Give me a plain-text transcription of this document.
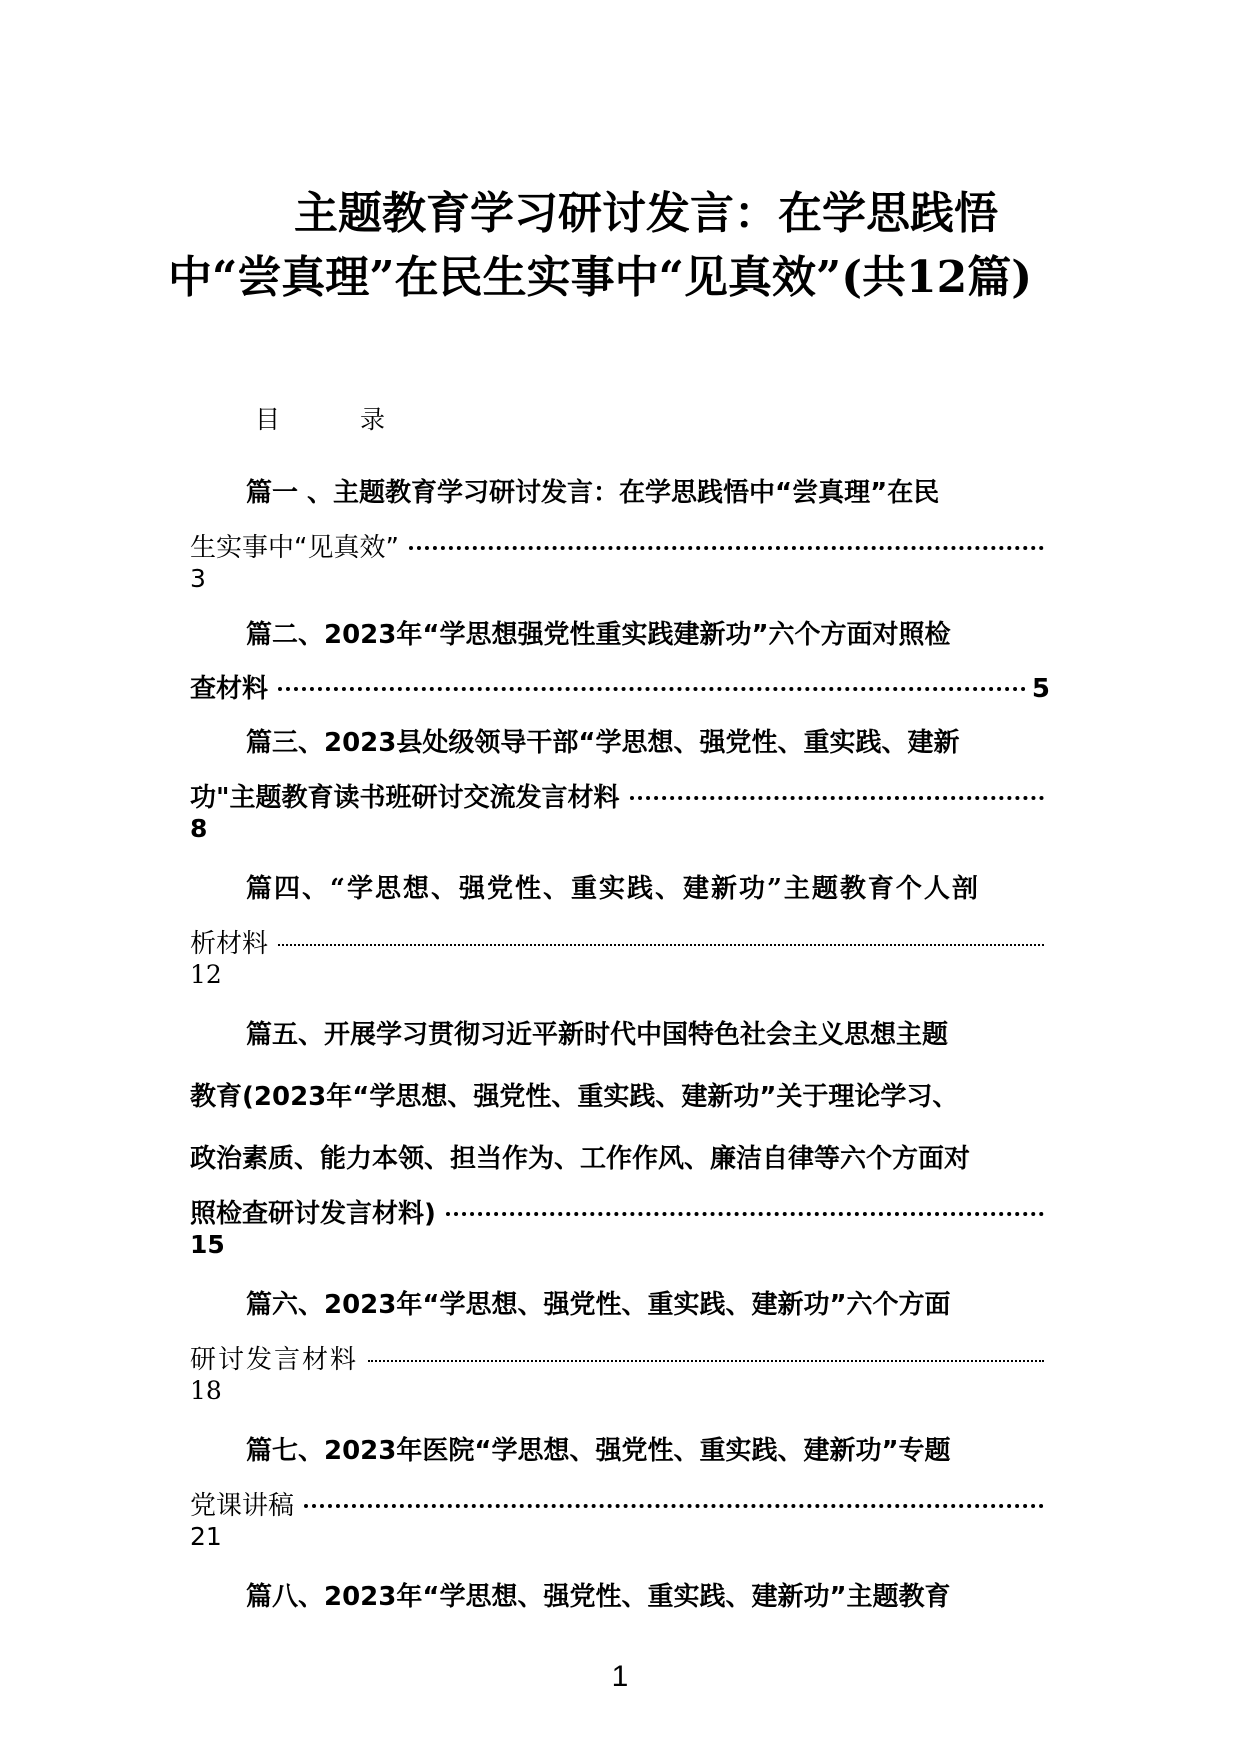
主题教育学习研讨发言：在学思践悟中“尝真理”在民生实事中“见真效”(共12篇)
目 录
篇一 、主题教育学习研讨发言：在学思践悟中“尝真理”在民
生实事中“见真效”
3
篇二、2023年“学思想强党性重实践建新功”六个方面对照检
查材料	5
篇三、2023县处级领导干部“学思想、强党性、重实践、建新
功"主题教育读书班研讨交流发言材料
8
篇四、“学思想、强党性、重实践、建新功”主题教育个人剖
析材料
12
篇五、开展学习贯彻习近平新时代中国特色社会主义思想主题
教育(2023年“学思想、强党性、重实践、建新功”关于理论学习、
政治素质、能力本领、担当作为、工作作风、廉洁自律等六个方面对
照检查研讨发言材料)
15
篇六、2023年“学思想、强党性、重实践、建新功”六个方面
研讨发言材料
18
篇七、2023年医院“学思想、强党性、重实践、建新功”专题
党课讲稿
21
篇八、2023年“学思想、强党性、重实践、建新功”主题教育
1
